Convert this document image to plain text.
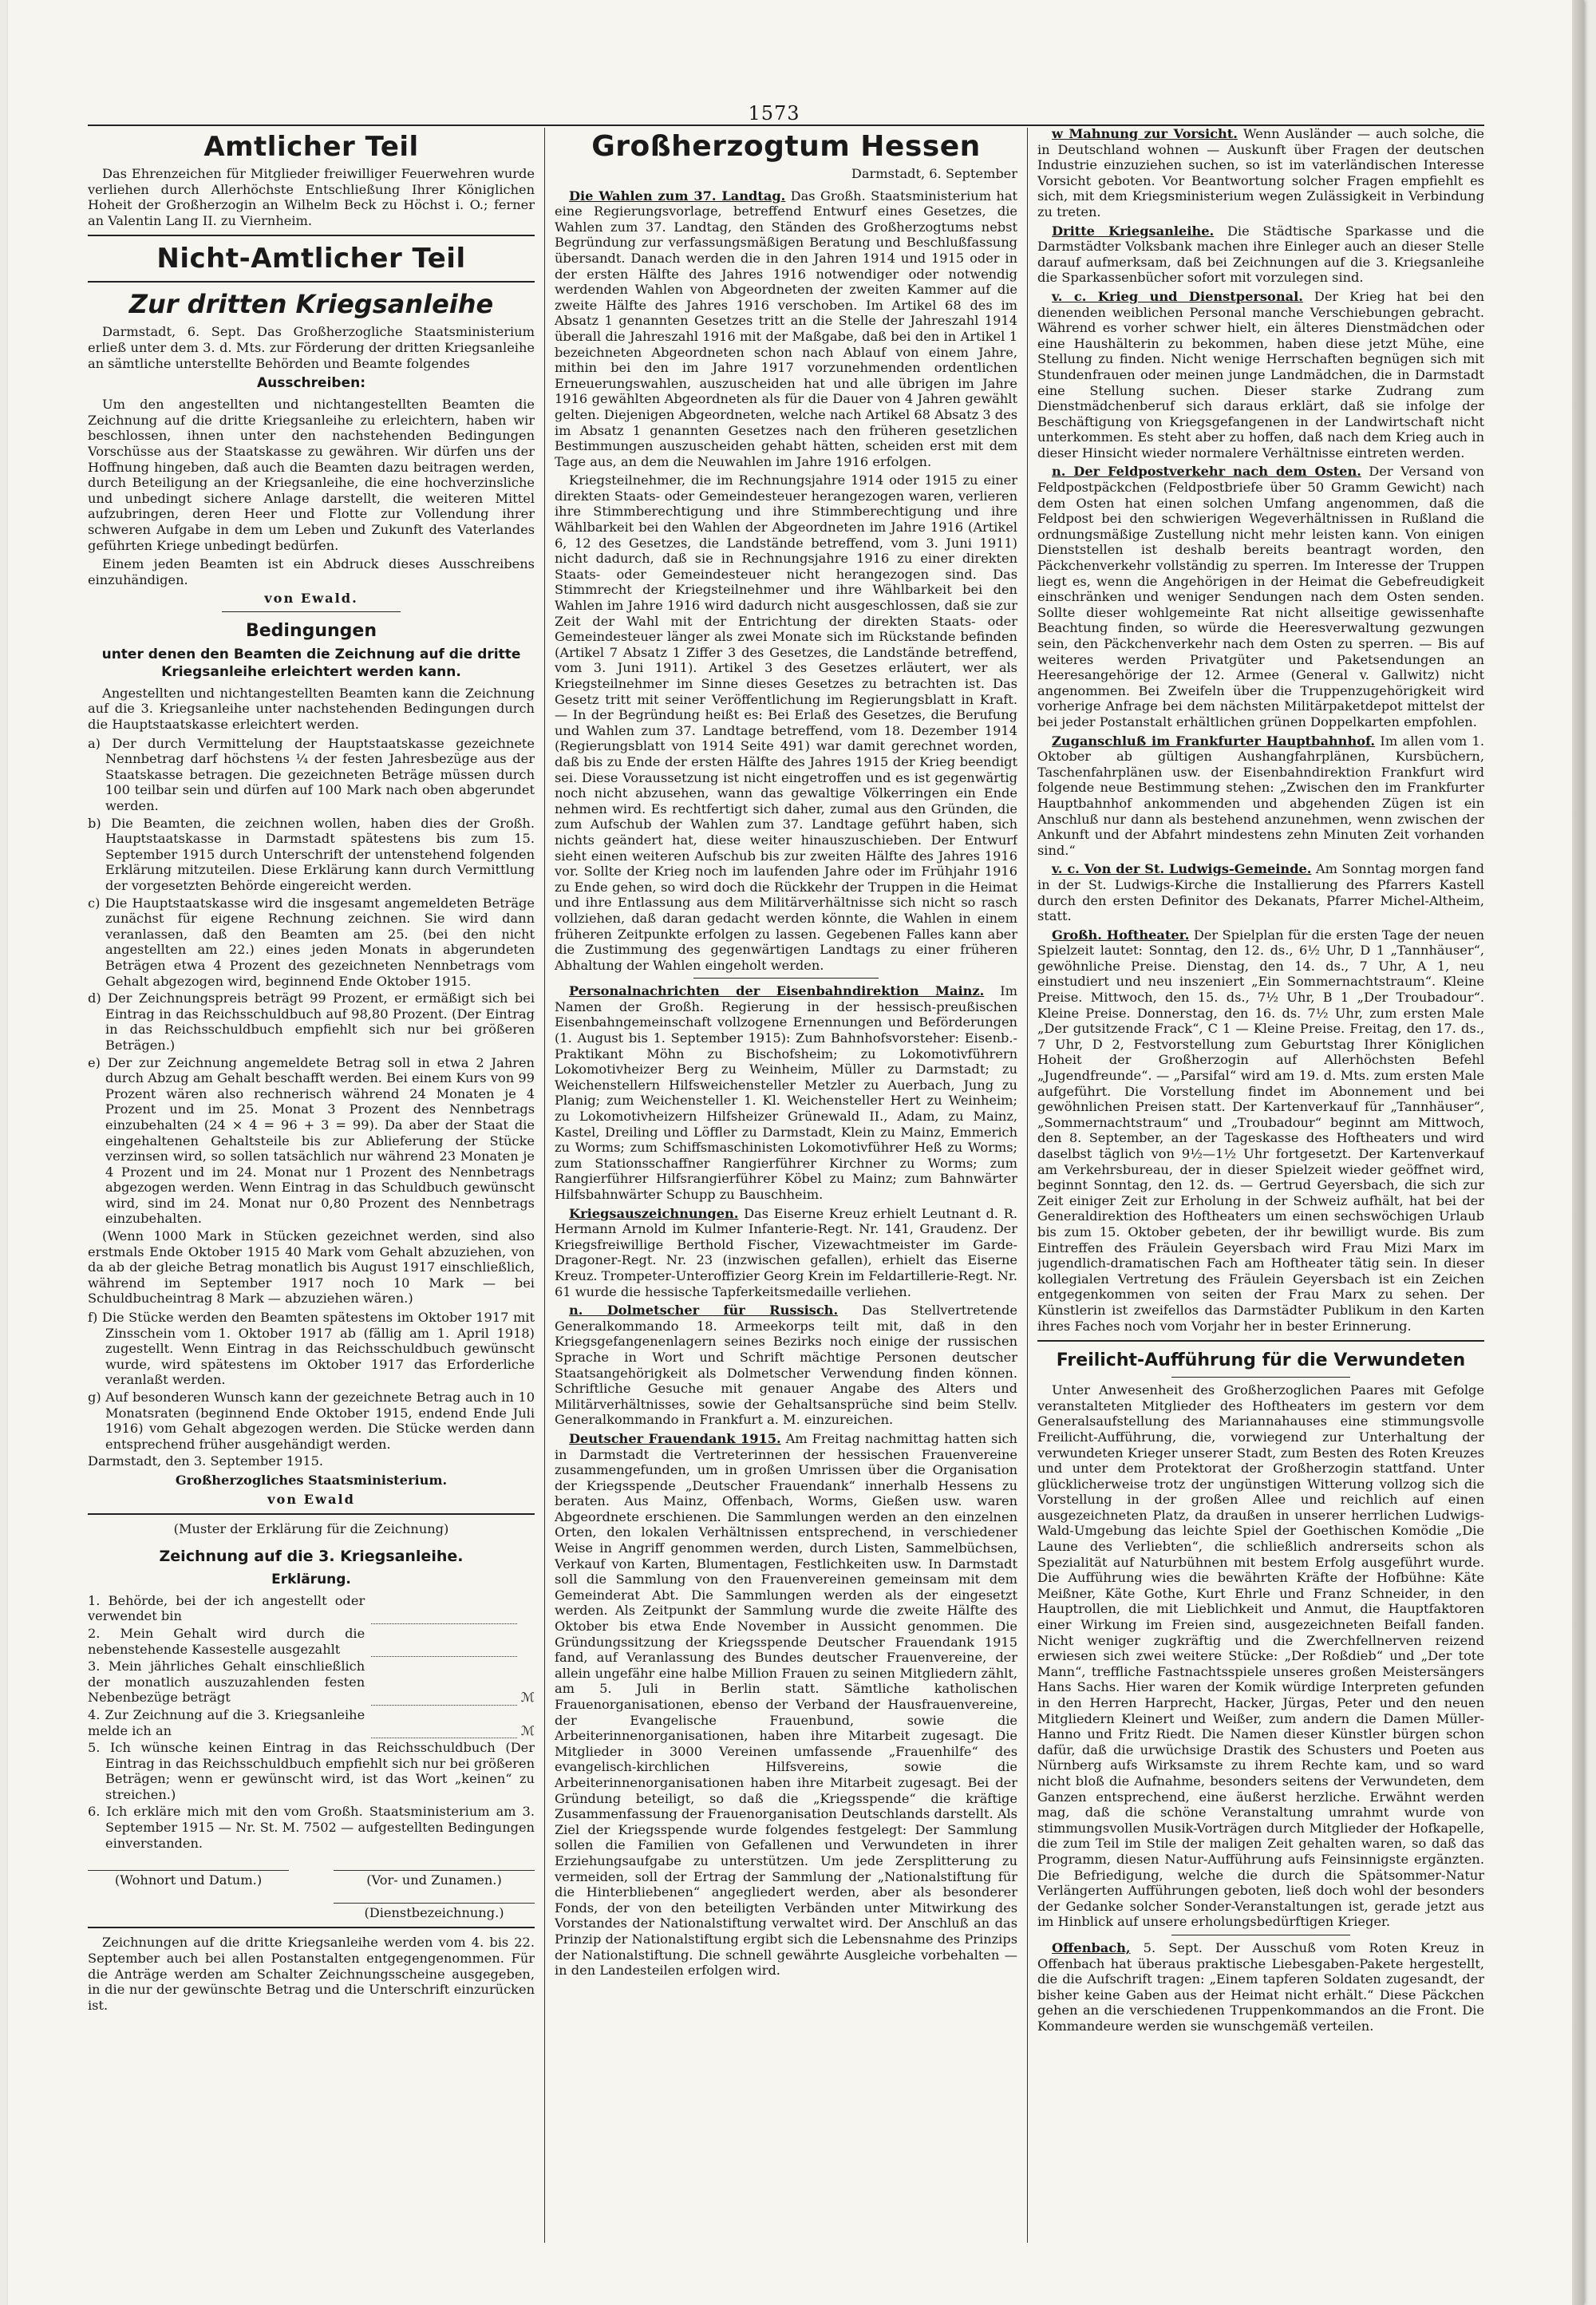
1573
Amtlicher Teil

Das Ehrenzeichen für Mitglieder freiwilliger Feuerwehren wurde verliehen durch Allerhöchste Entschließung Ihrer Königlichen Hoheit der Großherzogin an Wilhelm Beck zu Höchst i. O.; ferner an Valentin Lang II. zu Viernheim.

Nicht-Amtlicher Teil
Zur dritten Kriegsanleihe

Darmstadt, 6. Sept. Das Großherzogliche Staatsministerium erließ unter dem 3. d. Mts. zur Förderung der dritten Kriegsanleihe an sämtliche unterstellte Behörden und Beamte folgendes

Ausschreiben:

Um den angestellten und nichtangestellten Beamten die Zeichnung auf die dritte Kriegsanleihe zu erleichtern, haben wir beschlossen, ihnen unter den nachstehenden Bedingungen Vorschüsse aus der Staatskasse zu gewähren. Wir dürfen uns der Hoffnung hingeben, daß auch die Beamten dazu beitragen werden, durch Beteiligung an der Kriegsanleihe, die eine hochverzinsliche und unbedingt sichere Anlage darstellt, die weiteren Mittel aufzubringen, deren Heer und Flotte zur Vollendung ihrer schweren Aufgabe in dem um Leben und Zukunft des Vaterlandes geführten Kriege unbedingt bedürfen.

Einem jeden Beamten ist ein Abdruck dieses Ausschreibens einzuhändigen.

von Ewald.
Bedingungen
unter denen den Beamten die Zeichnung auf die dritte Kriegsanleihe erleichtert werden kann.

Angestellten und nichtangestellten Beamten kann die Zeichnung auf die 3. Kriegsanleihe unter nachstehenden Bedingungen durch die Hauptstaatskasse erleichtert werden.

a) Der durch Vermittelung der Hauptstaatskasse gezeichnete Nennbetrag darf höchstens ¼ der festen Jahresbezüge aus der Staatskasse betragen. Die gezeichneten Beträge müssen durch 100 teilbar sein und dürfen auf 100 Mark nach oben abgerundet werden.

b) Die Beamten, die zeichnen wollen, haben dies der Großh. Hauptstaatskasse in Darmstadt spätestens bis zum 15. September 1915 durch Unterschrift der untenstehend folgenden Erklärung mitzuteilen. Diese Erklärung kann durch Vermittlung der vorgesetzten Behörde eingereicht werden.

c) Die Hauptstaatskasse wird die insgesamt angemeldeten Beträge zunächst für eigene Rechnung zeichnen. Sie wird dann veranlassen, daß den Beamten am 25. (bei den nicht angestellten am 22.) eines jeden Monats in abgerundeten Beträgen etwa 4 Prozent des gezeichneten Nennbetrags vom Gehalt abgezogen wird, beginnend Ende Oktober 1915.

d) Der Zeichnungspreis beträgt 99 Prozent, er ermäßigt sich bei Eintrag in das Reichsschuldbuch auf 98,80 Prozent. (Der Eintrag in das Reichsschuldbuch empfiehlt sich nur bei größeren Beträgen.)

e) Der zur Zeichnung angemeldete Betrag soll in etwa 2 Jahren durch Abzug am Gehalt beschafft werden. Bei einem Kurs von 99 Prozent wären also rechnerisch während 24 Monaten je 4 Prozent und im 25. Monat 3 Prozent des Nennbetrags einzubehalten (24 × 4 = 96 + 3 = 99). Da aber der Staat die eingehaltenen Gehaltsteile bis zur Ablieferung der Stücke verzinsen wird, so sollen tatsächlich nur während 23 Monaten je 4 Prozent und im 24. Monat nur 1 Prozent des Nennbetrags abgezogen werden. Wenn Eintrag in das Schuldbuch gewünscht wird, sind im 24. Monat nur 0,80 Prozent des Nennbetrags einzubehalten.

(Wenn 1000 Mark in Stücken gezeichnet werden, sind also erstmals Ende Oktober 1915 40 Mark vom Gehalt abzuziehen, von da ab der gleiche Betrag monatlich bis August 1917 einschließlich, während im September 1917 noch 10 Mark — bei Schuldbucheintrag 8 Mark — abzuziehen wären.)

f) Die Stücke werden den Beamten spätestens im Oktober 1917 mit Zinsschein vom 1. Oktober 1917 ab (fällig am 1. April 1918) zugestellt. Wenn Eintrag in das Reichsschuldbuch gewünscht wurde, wird spätestens im Oktober 1917 das Erforderliche veranlaßt werden.

g) Auf besonderen Wunsch kann der gezeichnete Betrag auch in 10 Monatsraten (beginnend Ende Oktober 1915, endend Ende Juli 1916) vom Gehalt abgezogen werden. Die Stücke werden dann entsprechend früher ausgehändigt werden.

Darmstadt, den 3. September 1915.

Großherzogliches Staatsministerium.
von Ewald
(Muster der Erklärung für die Zeichnung)
Zeichnung auf die 3. Kriegsanleihe.
Erklärung.
1. Behörde, bei der ich angestellt oder verwendet bin
2. Mein Gehalt wird durch die nebenstehende Kassestelle ausgezahlt
3. Mein jährliches Gehalt einschließlich der monatlich auszuzahlenden festen Nebenbezüge beträgt	ℳ
4. Zur Zeichnung auf die 3. Kriegsanleihe melde ich an	ℳ

5. Ich wünsche keinen Eintrag in das Reichsschuldbuch (Der Eintrag in das Reichsschuldbuch empfiehlt sich nur bei größeren Beträgen; wenn er gewünscht wird, ist das Wort „keinen“ zu streichen.)

6. Ich erkläre mich mit den vom Großh. Staatsministerium am 3. September 1915 — Nr. St. M. 7502 — aufgestellten Bedingungen einverstanden.

(Wohnort und Datum.)	(Vor- und Zunamen.)
(Dienstbezeichnung.)

Zeichnungen auf die dritte Kriegsanleihe werden vom 4. bis 22. September auch bei allen Postanstalten entgegengenommen. Für die Anträge werden am Schalter Zeichnungsscheine ausgegeben, in die nur der gewünschte Betrag und die Unterschrift einzurücken ist.

Großherzogtum Hessen
Darmstadt, 6. September

Die Wahlen zum 37. Landtag. Das Großh. Staatsministerium hat eine Regierungsvorlage, betreffend Entwurf eines Gesetzes, die Wahlen zum 37. Landtag, den Ständen des Großherzogtums nebst Begründung zur verfassungsmäßigen Beratung und Beschlußfassung übersandt. Danach werden die in den Jahren 1914 und 1915 oder in der ersten Hälfte des Jahres 1916 notwendiger oder notwendig werdenden Wahlen von Abgeordneten der zweiten Kammer auf die zweite Hälfte des Jahres 1916 verschoben. Im Artikel 68 des im Absatz 1 genannten Gesetzes tritt an die Stelle der Jahreszahl 1914 überall die Jahreszahl 1916 mit der Maßgabe, daß bei den in Artikel 1 bezeichneten Abgeordneten schon nach Ablauf von einem Jahre, mithin bei den im Jahre 1917 vorzunehmenden ordentlichen Erneuerungswahlen, auszuscheiden hat und alle übrigen im Jahre 1916 gewählten Abgeordneten als für die Dauer von 4 Jahren gewählt gelten. Diejenigen Abgeordneten, welche nach Artikel 68 Absatz 3 des im Absatz 1 genannten Gesetzes nach den früheren gesetzlichen Bestimmungen auszuscheiden gehabt hätten, scheiden erst mit dem Tage aus, an dem die Neuwahlen im Jahre 1916 erfolgen.

Kriegsteilnehmer, die im Rechnungsjahre 1914 oder 1915 zu einer direkten Staats- oder Gemeindesteuer herangezogen waren, verlieren ihre Stimmberechtigung und ihre Stimmberechtigung und ihre Wählbarkeit bei den Wahlen der Abgeordneten im Jahre 1916 (Artikel 6, 12 des Gesetzes, die Landstände betreffend, vom 3. Juni 1911) nicht dadurch, daß sie in Rechnungsjahre 1916 zu einer direkten Staats- oder Gemeindesteuer nicht herangezogen sind. Das Stimmrecht der Kriegsteilnehmer und ihre Wählbarkeit bei den Wahlen im Jahre 1916 wird dadurch nicht ausgeschlossen, daß sie zur Zeit der Wahl mit der Entrichtung der direkten Staats- oder Gemeindesteuer länger als zwei Monate sich im Rückstande befinden (Artikel 7 Absatz 1 Ziffer 3 des Gesetzes, die Landstände betreffend, vom 3. Juni 1911). Artikel 3 des Gesetzes erläutert, wer als Kriegsteilnehmer im Sinne dieses Gesetzes zu betrachten ist. Das Gesetz tritt mit seiner Veröffentlichung im Regierungsblatt in Kraft. — In der Begründung heißt es: Bei Erlaß des Gesetzes, die Berufung und Wahlen zum 37. Landtage betreffend, vom 18. Dezember 1914 (Regierungsblatt von 1914 Seite 491) war damit gerechnet worden, daß bis zu Ende der ersten Hälfte des Jahres 1915 der Krieg beendigt sei. Diese Voraussetzung ist nicht eingetroffen und es ist gegenwärtig noch nicht abzusehen, wann das gewaltige Völkerringen ein Ende nehmen wird. Es rechtfertigt sich daher, zumal aus den Gründen, die zum Aufschub der Wahlen zum 37. Landtage geführt haben, sich nichts geändert hat, diese weiter hinauszuschieben. Der Entwurf sieht einen weiteren Aufschub bis zur zweiten Hälfte des Jahres 1916 vor. Sollte der Krieg noch im laufenden Jahre oder im Frühjahr 1916 zu Ende gehen, so wird doch die Rückkehr der Truppen in die Heimat und ihre Entlassung aus dem Militärverhältnisse sich nicht so rasch vollziehen, daß daran gedacht werden könnte, die Wahlen in einem früheren Zeitpunkte erfolgen zu lassen. Gegebenen Falles kann aber die Zustimmung des gegenwärtigen Landtags zu einer früheren Abhaltung der Wahlen eingeholt werden.

Personalnachrichten der Eisenbahndirektion Mainz. Im Namen der Großh. Regierung in der hessisch-preußischen Eisenbahngemeinschaft vollzogene Ernennungen und Beförderungen (1. August bis 1. September 1915): Zum Bahnhofsvorsteher: Eisenb.-Praktikant Möhn zu Bischofsheim; zu Lokomotivführern Lokomotivheizer Berg zu Weinheim, Müller zu Darmstadt; zu Weichenstellern Hilfsweichensteller Metzler zu Auerbach, Jung zu Planig; zum Weichensteller 1. Kl. Weichensteller Hert zu Weinheim; zu Lokomotivheizern Hilfsheizer Grünewald II., Adam, zu Mainz, Kastel, Dreiling und Löffler zu Darmstadt, Klein zu Mainz, Emmerich zu Worms; zum Schiffsmaschinisten Lokomotivführer Heß zu Worms; zum Stationsschaffner Rangierführer Kirchner zu Worms; zum Rangierführer Hilfsrangierführer Köbel zu Mainz; zum Bahnwärter Hilfsbahnwärter Schupp zu Bauschheim.

Kriegsauszeichnungen. Das Eiserne Kreuz erhielt Leutnant d. R. Hermann Arnold im Kulmer Infanterie-Regt. Nr. 141, Graudenz. Der Kriegsfreiwillige Berthold Fischer, Vizewachtmeister im Garde-Dragoner-Regt. Nr. 23 (inzwischen gefallen), erhielt das Eiserne Kreuz. Trompeter-Unteroffizier Georg Krein im Feldartillerie-Regt. Nr. 61 wurde die hessische Tapferkeitsmedaille verliehen.

n. Dolmetscher für Russisch. Das Stellvertretende Generalkommando 18. Armeekorps teilt mit, daß in den Kriegsgefangenenlagern seines Bezirks noch einige der russischen Sprache in Wort und Schrift mächtige Personen deutscher Staatsangehörigkeit als Dolmetscher Verwendung finden können. Schriftliche Gesuche mit genauer Angabe des Alters und Militärverhältnisses, sowie der Gehaltsansprüche sind beim Stellv. Generalkommando in Frankfurt a. M. einzureichen.

Deutscher Frauendank 1915. Am Freitag nachmittag hatten sich in Darmstadt die Vertreterinnen der hessischen Frauenvereine zusammengefunden, um in großen Umrissen über die Organisation der Kriegsspende „Deutscher Frauendank“ innerhalb Hessens zu beraten. Aus Mainz, Offenbach, Worms, Gießen usw. waren Abgeordnete erschienen. Die Sammlungen werden an den einzelnen Orten, den lokalen Verhältnissen entsprechend, in verschiedener Weise in Angriff genommen werden, durch Listen, Sammelbüchsen, Verkauf von Karten, Blumentagen, Festlichkeiten usw. In Darmstadt soll die Sammlung von den Frauenvereinen gemeinsam mit dem Gemeinderat Abt. Die Sammlungen werden als der eingesetzt werden. Als Zeitpunkt der Sammlung wurde die zweite Hälfte des Oktober bis etwa Ende November in Aussicht genommen. Die Gründungssitzung der Kriegsspende Deutscher Frauendank 1915 fand, auf Veranlassung des Bundes deutscher Frauenvereine, der allein ungefähr eine halbe Million Frauen zu seinen Mitgliedern zählt, am 5. Juli in Berlin statt. Sämtliche katholischen Frauenorganisationen, ebenso der Verband der Hausfrauenvereine, der Evangelische Frauenbund, sowie die Arbeiterinnenorganisationen, haben ihre Mitarbeit zugesagt. Die Mitglieder in 3000 Vereinen umfassende „Frauenhilfe“ des evangelisch-kirchlichen Hilfsvereins, sowie die Arbeiterinnenorganisationen haben ihre Mitarbeit zugesagt. Bei der Gründung beteiligt, so daß die „Kriegsspende“ die kräftige Zusammenfassung der Frauenorganisation Deutschlands darstellt. Als Ziel der Kriegsspende wurde folgendes festgelegt: Der Sammlung sollen die Familien von Gefallenen und Verwundeten in ihrer Erziehungsaufgabe zu unterstützen. Um jede Zersplitterung zu vermeiden, soll der Ertrag der Sammlung der „Nationalstiftung für die Hinterbliebenen“ angegliedert werden, aber als besonderer Fonds, der von den beteiligten Verbänden unter Mitwirkung des Vorstandes der Nationalstiftung verwaltet wird. Der Anschluß an das Prinzip der Nationalstiftung ergibt sich die Lebensnahme des Prinzips der Nationalstiftung. Die schnell gewährte Ausgleiche vorbehalten — in den Landesteilen erfolgen wird.

w Mahnung zur Vorsicht. Wenn Ausländer — auch solche, die in Deutschland wohnen — Auskunft über Fragen der deutschen Industrie einzuziehen suchen, so ist im vaterländischen Interesse Vorsicht geboten. Vor Beantwortung solcher Fragen empfiehlt es sich, mit dem Kriegsministerium wegen Zulässigkeit in Verbindung zu treten.

Dritte Kriegsanleihe. Die Städtische Sparkasse und die Darmstädter Volksbank machen ihre Einleger auch an dieser Stelle darauf aufmerksam, daß bei Zeichnungen auf die 3. Kriegsanleihe die Sparkassenbücher sofort mit vorzulegen sind.

v. c. Krieg und Dienstpersonal. Der Krieg hat bei den dienenden weiblichen Personal manche Verschiebungen gebracht. Während es vorher schwer hielt, ein älteres Dienstmädchen oder eine Haushälterin zu bekommen, haben diese jetzt Mühe, eine Stellung zu finden. Nicht wenige Herrschaften begnügen sich mit Stundenfrauen oder meinen junge Landmädchen, die in Darmstadt eine Stellung suchen. Dieser starke Zudrang zum Dienstmädchenberuf sich daraus erklärt, daß sie infolge der Beschäftigung von Kriegsgefangenen in der Landwirtschaft nicht unterkommen. Es steht aber zu hoffen, daß nach dem Krieg auch in dieser Hinsicht wieder normalere Verhältnisse eintreten werden.

n. Der Feldpostverkehr nach dem Osten. Der Versand von Feldpostpäckchen (Feldpostbriefe über 50 Gramm Gewicht) nach dem Osten hat einen solchen Umfang angenommen, daß die Feldpost bei den schwierigen Wegeverhältnissen in Rußland die ordnungsmäßige Zustellung nicht mehr leisten kann. Von einigen Dienststellen ist deshalb bereits beantragt worden, den Päckchenverkehr vollständig zu sperren. Im Interesse der Truppen liegt es, wenn die Angehörigen in der Heimat die Gebefreudigkeit einschränken und weniger Sendungen nach dem Osten senden. Sollte dieser wohlgemeinte Rat nicht allseitige gewissenhafte Beachtung finden, so würde die Heeresverwaltung gezwungen sein, den Päckchenverkehr nach dem Osten zu sperren. — Bis auf weiteres werden Privatgüter und Paketsendungen an Heeresangehörige der 12. Armee (General v. Gallwitz) nicht angenommen. Bei Zweifeln über die Truppenzugehörigkeit wird vorherige Anfrage bei dem nächsten Militärpaketdepot mittelst der bei jeder Postanstalt erhältlichen grünen Doppelkarten empfohlen.

Zuganschluß im Frankfurter Hauptbahnhof. Im allen vom 1. Oktober ab gültigen Aushangfahrplänen, Kursbüchern, Taschenfahrplänen usw. der Eisenbahndirektion Frankfurt wird folgende neue Bestimmung stehen: „Zwischen den im Frankfurter Hauptbahnhof ankommenden und abgehenden Zügen ist ein Anschluß nur dann als bestehend anzunehmen, wenn zwischen der Ankunft und der Abfahrt mindestens zehn Minuten Zeit vorhanden sind.“

v. c. Von der St. Ludwigs-Gemeinde. Am Sonntag morgen fand in der St. Ludwigs-Kirche die Installierung des Pfarrers Kastell durch den ersten Definitor des Dekanats, Pfarrer Michel-Altheim, statt.

Großh. Hoftheater. Der Spielplan für die ersten Tage der neuen Spielzeit lautet: Sonntag, den 12. ds., 6½ Uhr, D 1 „Tannhäuser“, gewöhnliche Preise. Dienstag, den 14. ds., 7 Uhr, A 1, neu einstudiert und neu inszeniert „Ein Sommernachtstraum“. Kleine Preise. Mittwoch, den 15. ds., 7½ Uhr, B 1 „Der Troubadour“. Kleine Preise. Donnerstag, den 16. ds. 7½ Uhr, zum ersten Male „Der gutsitzende Frack“, C 1 — Kleine Preise. Freitag, den 17. ds., 7 Uhr, D 2, Festvorstellung zum Geburtstag Ihrer Königlichen Hoheit der Großherzogin auf Allerhöchsten Befehl „Jugendfreunde“. — „Parsifal“ wird am 19. d. Mts. zum ersten Male aufgeführt. Die Vorstellung findet im Abonnement und bei gewöhnlichen Preisen statt. Der Kartenverkauf für „Tannhäuser“, „Sommernachtstraum“ und „Troubadour“ beginnt am Mittwoch, den 8. September, an der Tageskasse des Hoftheaters und wird daselbst täglich von 9½—1½ Uhr fortgesetzt. Der Kartenverkauf am Verkehrsbureau, der in dieser Spielzeit wieder geöffnet wird, beginnt Sonntag, den 12. ds. — Gertrud Geyersbach, die sich zur Zeit einiger Zeit zur Erholung in der Schweiz aufhält, hat bei der Generaldirektion des Hoftheaters um einen sechswöchigen Urlaub bis zum 15. Oktober gebeten, der ihr bewilligt wurde. Bis zum Eintreffen des Fräulein Geyersbach wird Frau Mizi Marx im jugendlich-dramatischen Fach am Hoftheater tätig sein. In dieser kollegialen Vertretung des Fräulein Geyersbach ist ein Zeichen entgegenkommen von seiten der Frau Marx zu sehen. Der Künstlerin ist zweifellos das Darmstädter Publikum in den Karten ihres Faches noch vom Vorjahr her in bester Erinnerung.

Freilicht-Aufführung für die Verwundeten

Unter Anwesenheit des Großherzoglichen Paares mit Gefolge veranstalteten Mitglieder des Hoftheaters im gestern vor dem Generalsaufstellung des Mariannahauses eine stimmungsvolle Freilicht-Aufführung, die, vorwiegend zur Unterhaltung der verwundeten Krieger unserer Stadt, zum Besten des Roten Kreuzes und unter dem Protektorat der Großherzogin stattfand. Unter glücklicherweise trotz der ungünstigen Witterung vollzog sich die Vorstellung in der großen Allee und reichlich auf einen ausgezeichneten Platz, da draußen in unserer herrlichen Ludwigs-Wald-Umgebung das leichte Spiel der Goethischen Komödie „Die Laune des Verliebten“, die schließlich andrerseits schon als Spezialität auf Naturbühnen mit bestem Erfolg ausgeführt wurde. Die Aufführung wies die bewährten Kräfte der Hofbühne: Käte Meißner, Käte Gothe, Kurt Ehrle und Franz Schneider, in den Hauptrollen, die mit Lieblichkeit und Anmut, die Hauptfaktoren einer Wirkung im Freien sind, ausgezeichneten Beifall fanden. Nicht weniger zugkräftig und die Zwerchfellnerven reizend erwiesen sich zwei weitere Stücke: „Der Roßdieb“ und „Der tote Mann“, treffliche Fastnachtsspiele unseres großen Meistersängers Hans Sachs. Hier waren der Komik würdige Interpreten gefunden in den Herren Harprecht, Hacker, Jürgas, Peter und den neuen Mitgliedern Kleinert und Weißer, zum andern die Damen Müller-Hanno und Fritz Riedt. Die Namen dieser Künstler bürgen schon dafür, daß die urwüchsige Drastik des Schusters und Poeten aus Nürnberg aufs Wirksamste zu ihrem Rechte kam, und so ward nicht bloß die Aufnahme, besonders seitens der Verwundeten, dem Ganzen entsprechend, eine äußerst herzliche. Erwähnt werden mag, daß die schöne Veranstaltung umrahmt wurde von stimmungsvollen Musik-Vorträgen durch Mitglieder der Hofkapelle, die zum Teil im Stile der maligen Zeit gehalten waren, so daß das Programm, diesen Natur-Aufführung aufs Feinsinnigste ergänzten. Die Befriedigung, welche die durch die Spätsommer-Natur Verlängerten Aufführungen geboten, ließ doch wohl der besonders der Gedanke solcher Sonder-Veranstaltungen ist, gerade jetzt aus im Hinblick auf unsere erholungsbedürftigen Krieger.

Offenbach, 5. Sept. Der Ausschuß vom Roten Kreuz in Offenbach hat überaus praktische Liebesgaben-Pakete hergestellt, die die Aufschrift tragen: „Einem tapferen Soldaten zugesandt, der bisher keine Gaben aus der Heimat nicht erhält.“ Diese Päckchen gehen an die verschiedenen Truppenkommandos an die Front. Die Kommandeure werden sie wunschgemäß verteilen.
